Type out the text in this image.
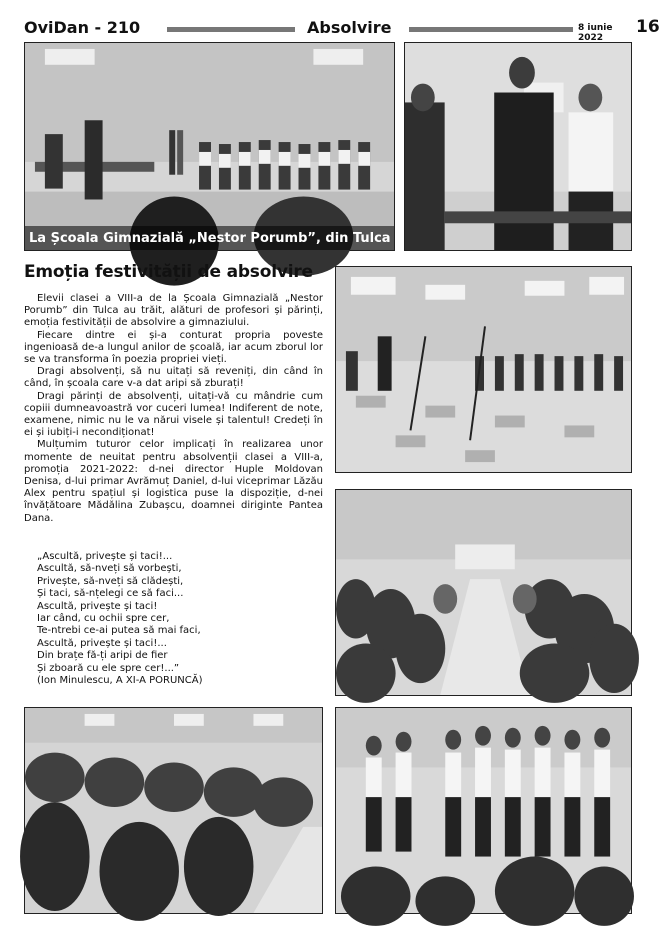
OviDan - 210	Absolvire	8 iunie 2022
16
La Școala Gimnazială „Nestor Porumb”, din Tulca
Emoția festivității de absolvire

Elevii clasei a VIII-a de la Școala Gimnazială „Nestor Porumb” din Tulca au trăit, alături de profesori și părinți, emoția festivității de absolvire a gimnaziului.

Fiecare dintre ei și-a conturat propria poveste ingenioasă de-a lungul anilor de școală, iar acum zborul lor se va transforma în poezia propriei vieți.

Dragi absolvenți, să nu uitați să reveniți, din când în când, în școala care v-a dat aripi să zburați!

Dragi părinți de absolvenți, uitați-vă cu mândrie cum copiii dumneavoastră vor cuceri lumea! Indiferent de note, examene, nimic nu le va nărui visele și talentul! Credeți în ei și iubiți-i necondiționat!

Mulțumim tuturor celor implicați în realizarea unor momente de neuitat pentru absolvenții clasei a VIII-a, promoția 2021-2022: d-nei director Huple Moldovan Denisa, d-lui primar Avrămuț Daniel, d-lui viceprimar Lăzău Alex pentru spațiul și logistica puse la dispoziție, d-nei învățătoare Mădălina Zubașcu, doamnei diriginte Pantea Dana.

„Ascultă, privește și taci!...
Ascultă, să-nveți să vorbești,
Privește, să-nveți să clădești,
Și taci, să-nțelegi ce să faci...
Ascultă, privește și taci!
Iar când, cu ochii spre cer,
Te-ntrebi ce-ai putea să mai faci,
Ascultă, privește și taci!...
Din brațe fă-ți aripi de fier
Și zboară cu ele spre cer!...”
(Ion Minulescu, A XI-A PORUNCĂ)
